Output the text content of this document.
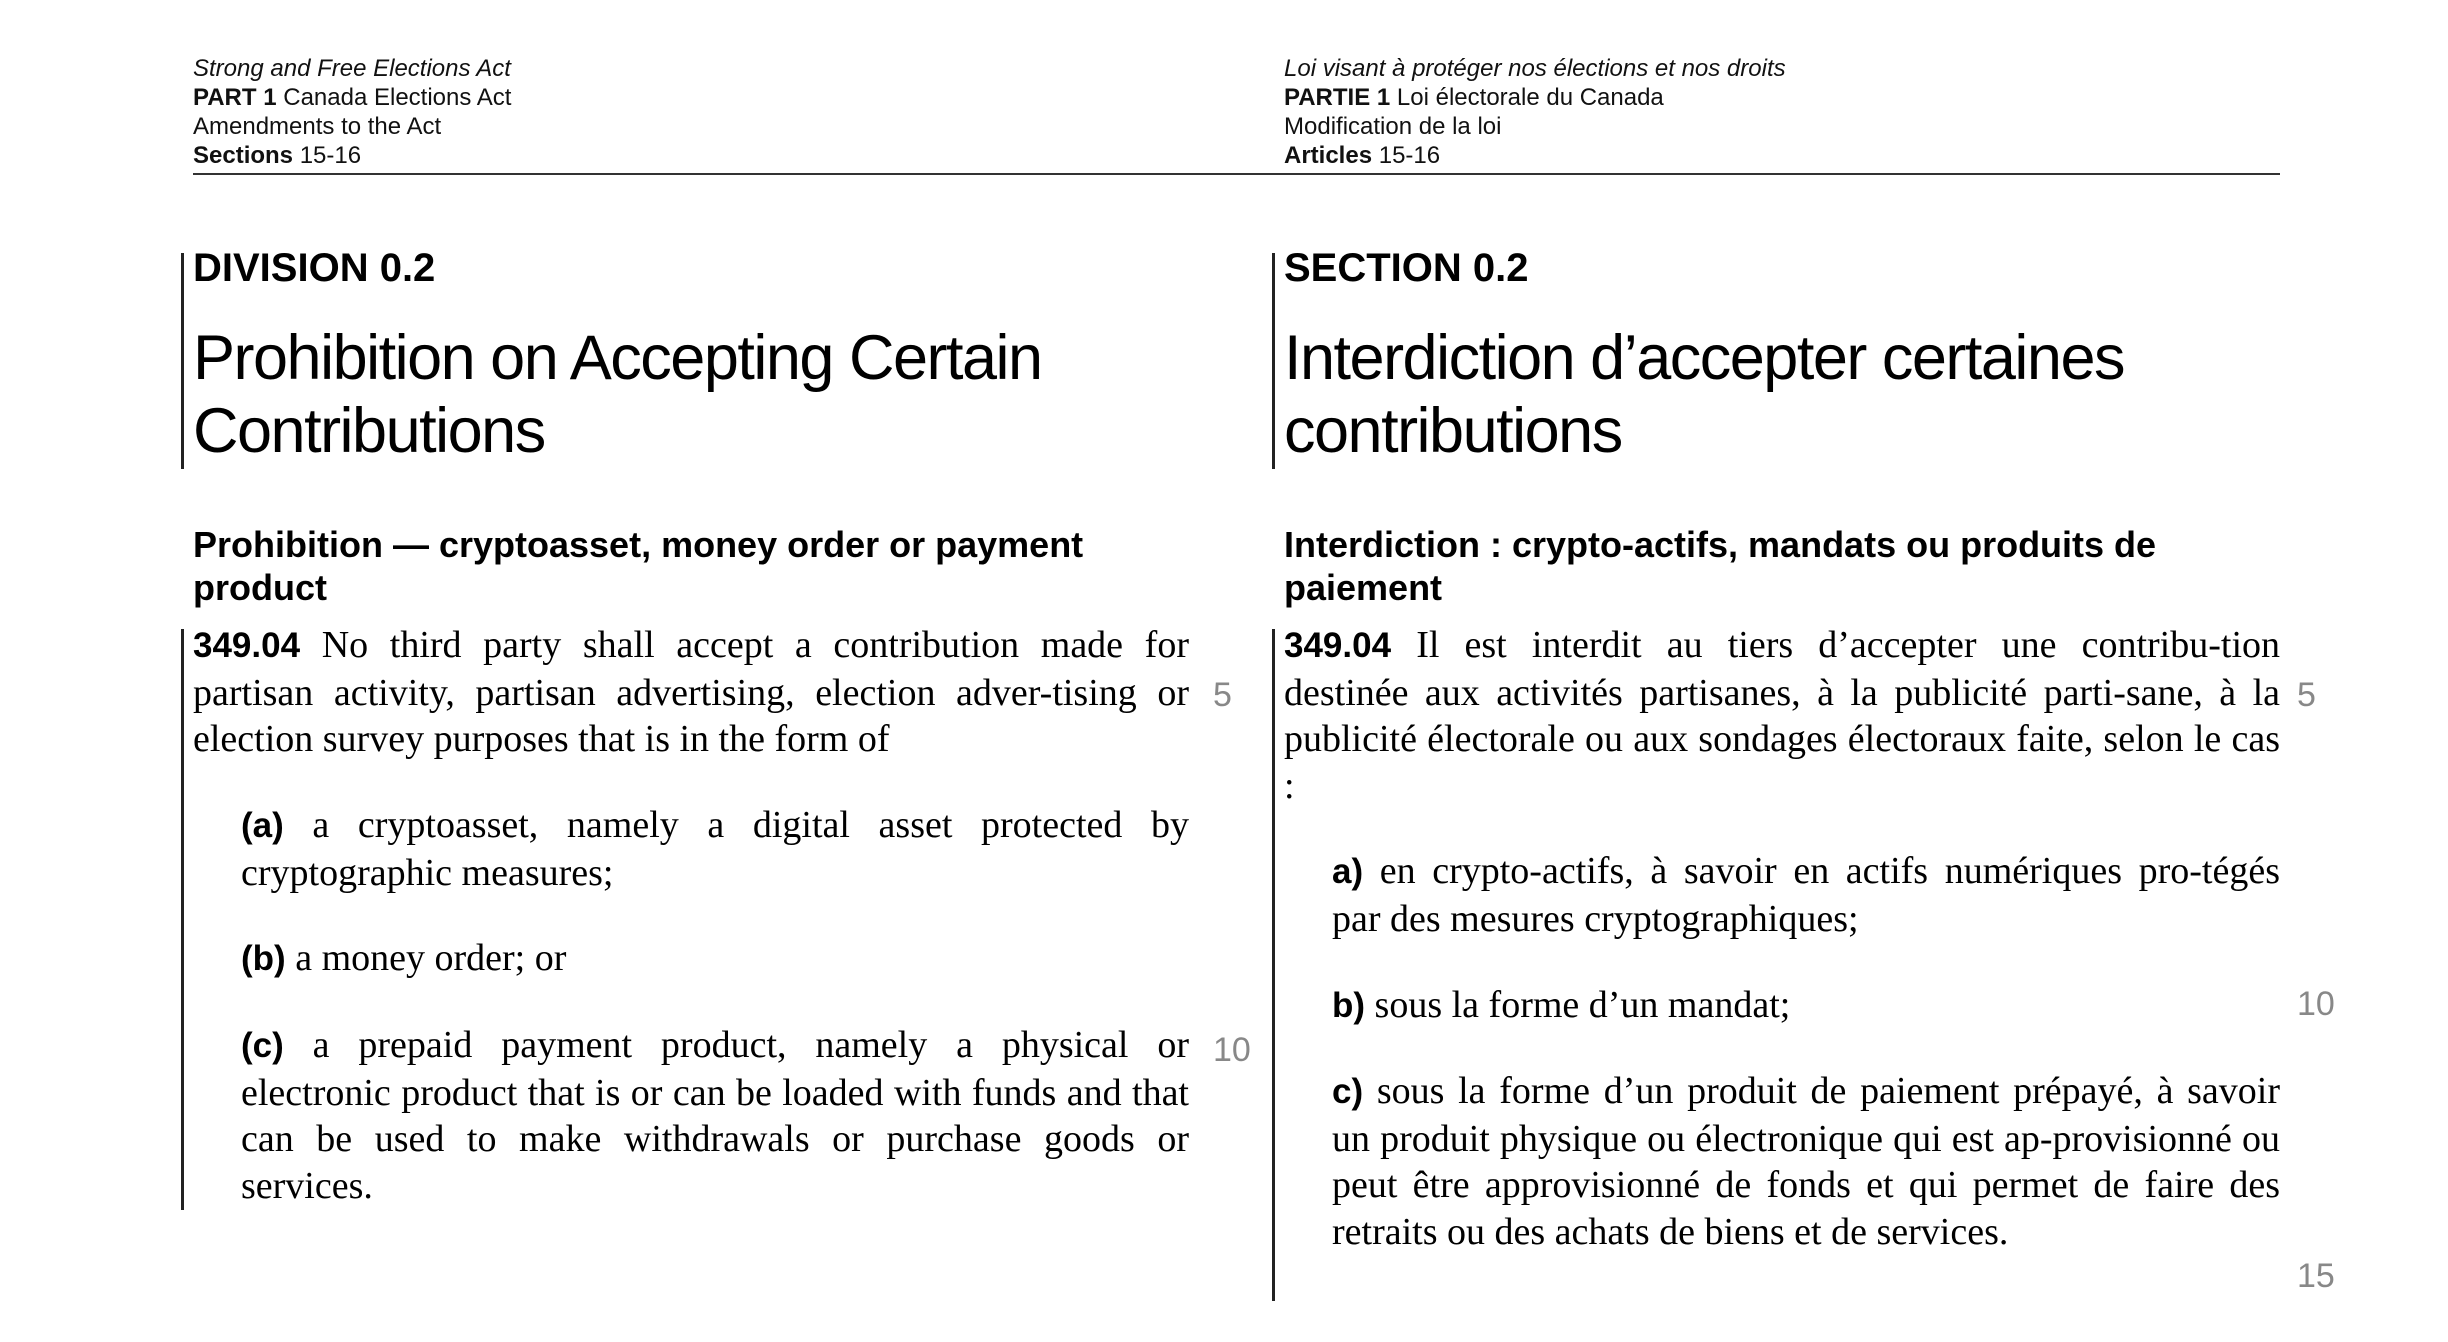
Strong and Free Elections Act
PART 1 Canada Elections Act
Amendments to the Act
Sections 15-16
DIVISION 0.2
Prohibition on Accepting Certain
Contributions
Prohibition — cryptoasset, money order or payment
product
349.04 No third party shall accept a contribution made for partisan activity, partisan advertising, election adver-tising or election survey purposes that is in the form of
(a) a cryptoasset, namely a digital asset protected by cryptographic measures;
(b) a money order; or
(c) a prepaid payment product, namely a physical or electronic product that is or can be loaded with funds and that can be used to make withdrawals or purchase goods or services.
5
10
Loi visant à protéger nos élections et nos droits
PARTIE 1 Loi électorale du Canada
Modification de la loi
Articles 15-16
SECTION 0.2
Interdiction d’accepter certaines
contributions
Interdiction : crypto-actifs, mandats ou produits de
paiement
349.04 Il est interdit au tiers d’accepter une contribu-tion destinée aux activités partisanes, à la publicité parti-sane, à la publicité électorale ou aux sondages électoraux faite, selon le cas :
a) en crypto-actifs, à savoir en actifs numériques pro-tégés par des mesures cryptographiques;
b) sous la forme d’un mandat;
c) sous la forme d’un produit de paiement prépayé, à savoir un produit physique ou électronique qui est ap-provisionné ou peut être approvisionné de fonds et qui permet de faire des retraits ou des achats de biens et de services.
5
10
15
